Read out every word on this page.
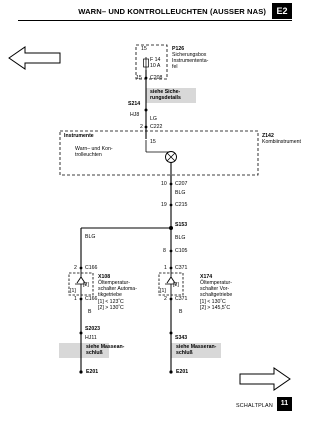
WARN– UND KONTROLLEUCHTEN (AUSSER NAS)	E2
15
F 14
10 A
P126
Sicherungsbox
Instrumententa-
fel
15 C208
siehe Siche-
rungsdetails
S214
HJ8
LG
2 C222
Instrumente
15
Warn– und Kon-
trolleuchten
Z142
Kombiinstrument
10 C207
BLG
19 C215
S153
BLG	BLG
8 C105
2 C166
X108
Öltemperatur-
schalter Automa-
tikgetriebe
[2]
[1]
[1] < 123˚C
[2] > 130˚C
1 C166
B
S2023
HJ11
siehe Massean-
schluß
E201
1 C371
X174
Öltemperatur-
schalter Vor-
schaltgetriebe
[2]
[1]
[1] < 130˚C
[2] > 145,5˚C
2 C371
B
S343
siehe Masseran-
schluß
E201
SCHALTPLAN	11
